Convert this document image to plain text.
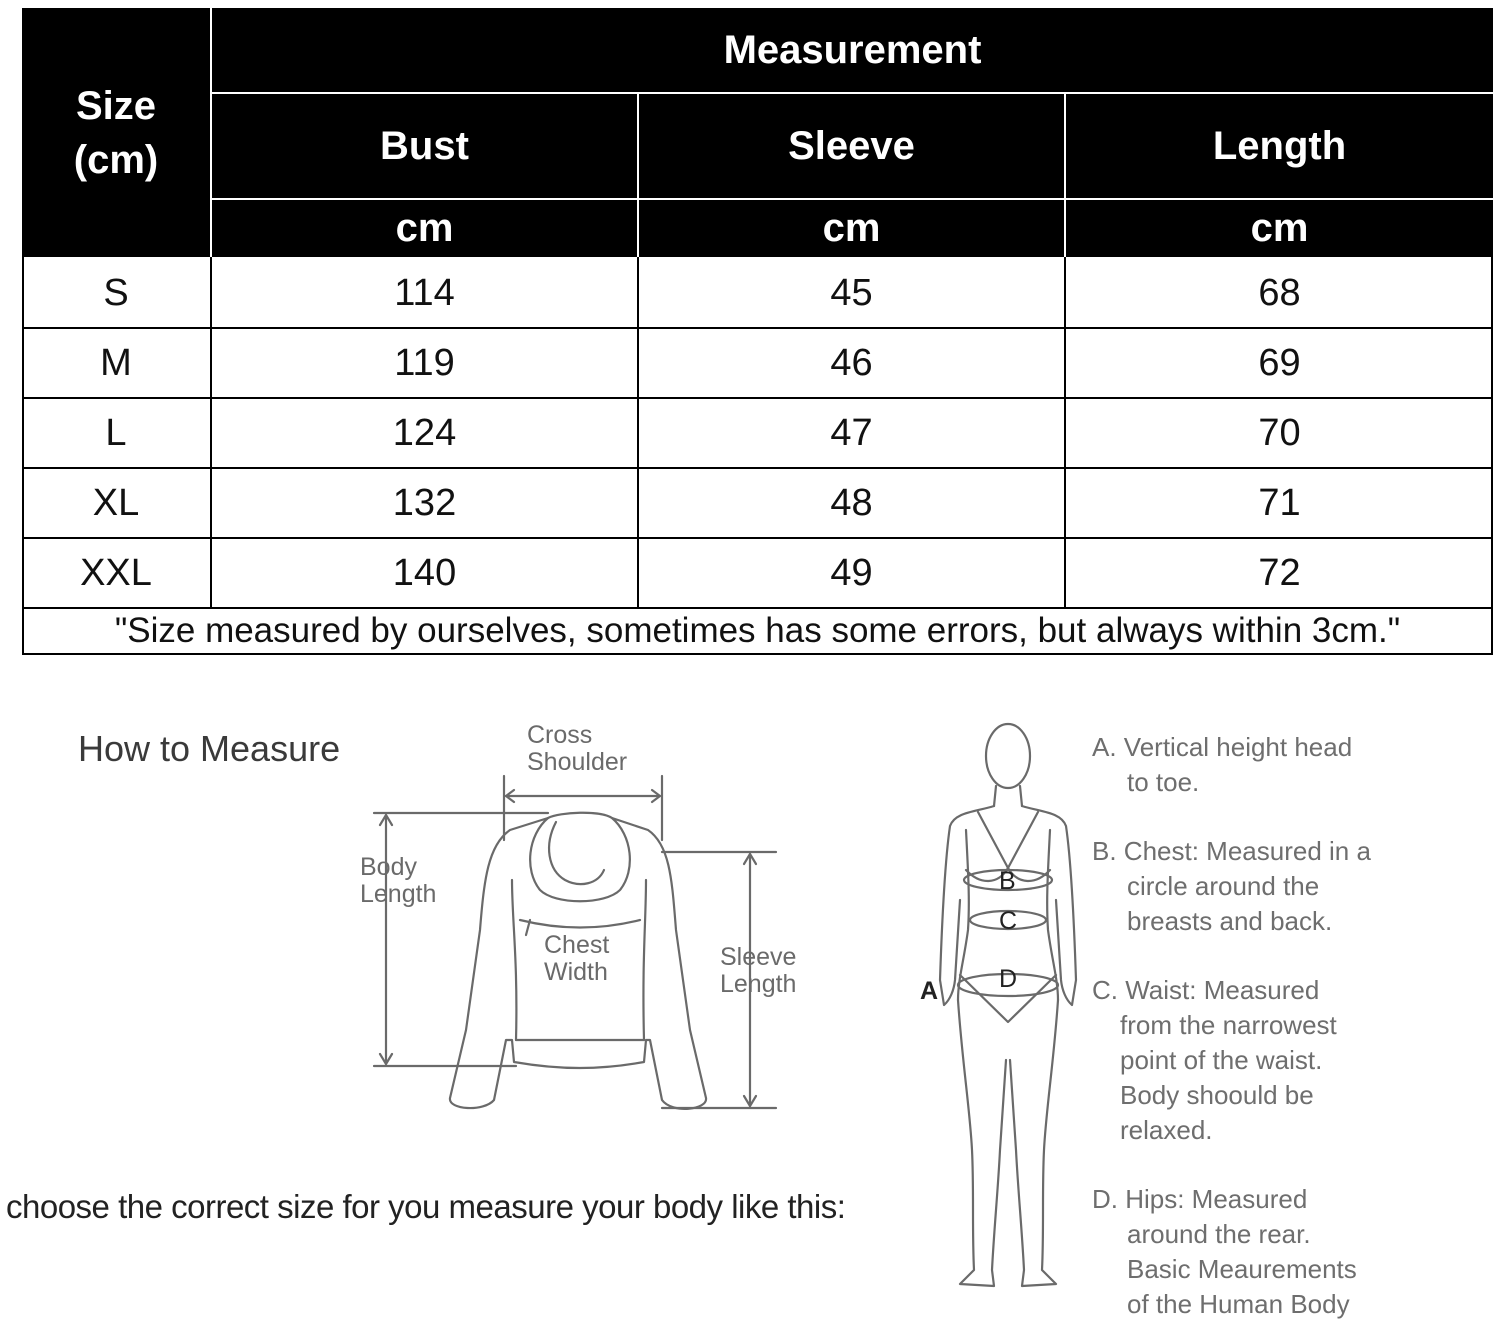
Size
(cm)
Measurement
Bust	Sleeve	Length
cm	cm	cm
S	114	45	68
M	119	46	69
L	124	47	70
XL	132	48	71
XXL	140	49	72
"Size measured by ourselves, sometimes has some errors, but always within 3cm."
How to Measure	Cross
Shoulder
Body
Length
Chest
Width
Sleeve
Length
choose the correct size for you measure your body like this:
A
B
C
D
A. Vertical height head
to toe.
B. Chest: Measured in a
circle around the
breasts and back.
C. Waist: Measured
from the narrowest
point of the waist.
Body shoould be
relaxed.
D. Hips: Measured
around the rear.
Basic Meaurements
of the Human Body
